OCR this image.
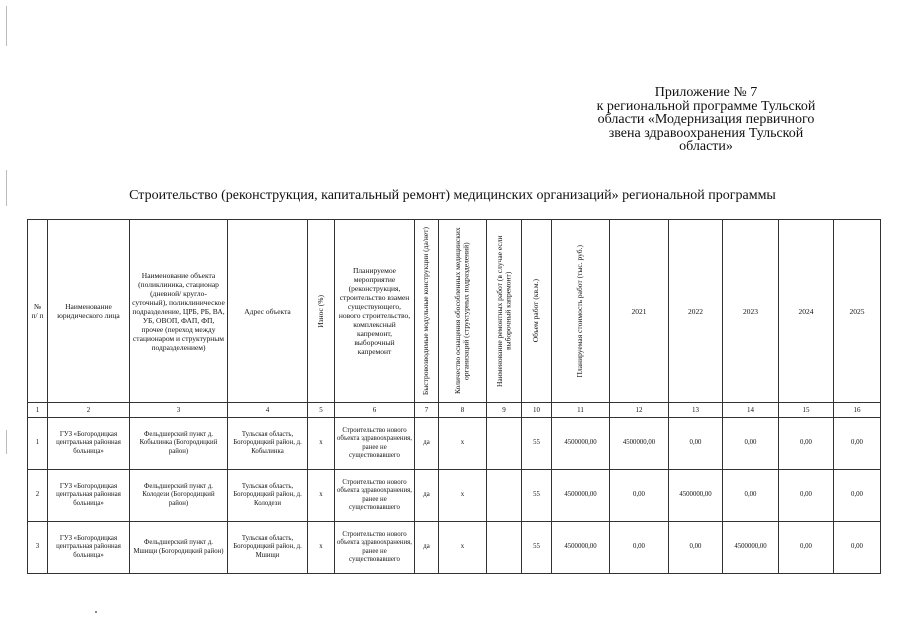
Приложение № 7
к региональной программе Тульской
области «Модернизация первичного
звена здравоохранения Тульской
области»
Строительство (реконструкция, капитальный ремонт) медицинских организаций» региональной программы
№ п/ п	Наименование юридического лица	Наименование объекта (поликлиника, стационар (дневной/ кругло- суточный), поликлиническое подразделение, ЦРБ, РБ, ВА, УБ, ОВОП, ФАП, ФП, прочее (переход между стационаром и структурным подразделением)	Адрес объекта	Износ (%)	Планируемое мероприятие (реконструкция, строительство взамен существующего, нового строительство, комплексный капремонт, выборочный капремонт	Быстровозводимые модульные конструкции (да/нет)	Количество оснащения обособленных медицинских организаций (структурных подразделений)	Наименование ремонтных работ (в случае если выборочный капремонт)	Объем работ (кв.м.)	Планируемая стоимость работ (тыс. руб.)	2021	2022	2023	2024	2025
1	2	3	4	5	6	7	8	9	10	11	12	13	14	15	16
1	ГУЗ «Богородицкая центральная районная больница»	Фельдшерский пункт д. Кобылинка (Богородицкий район)	Тульская область, Богородицкий район, д. Кобылинка	х	Строительство нового объекта здравоохранения, ранее не существовавшего	да	х		55	4500000,00	4500000,00	0,00	0,00	0,00	0,00
2	ГУЗ «Богородицкая центральная районная больница»	Фельдшерский пункт д. Колодези (Богородицкий район)	Тульская область, Богородицкий район, д. Колодези	х	Строительство нового объекта здравоохранения, ранее не существовавшего	да	х		55	4500000,00	0,00	4500000,00	0,00	0,00	0,00
3	ГУЗ «Богородицкая центральная районная больница»	Фельдшерский пункт д. Мшищи (Богородицкий район)	Тульская область, Богородицкий район, д. Мшищи	х	Строительство нового объекта здравоохранения, ранее не существовавшего	да	х		55	4500000,00	0,00	0,00	4500000,00	0,00	0,00
